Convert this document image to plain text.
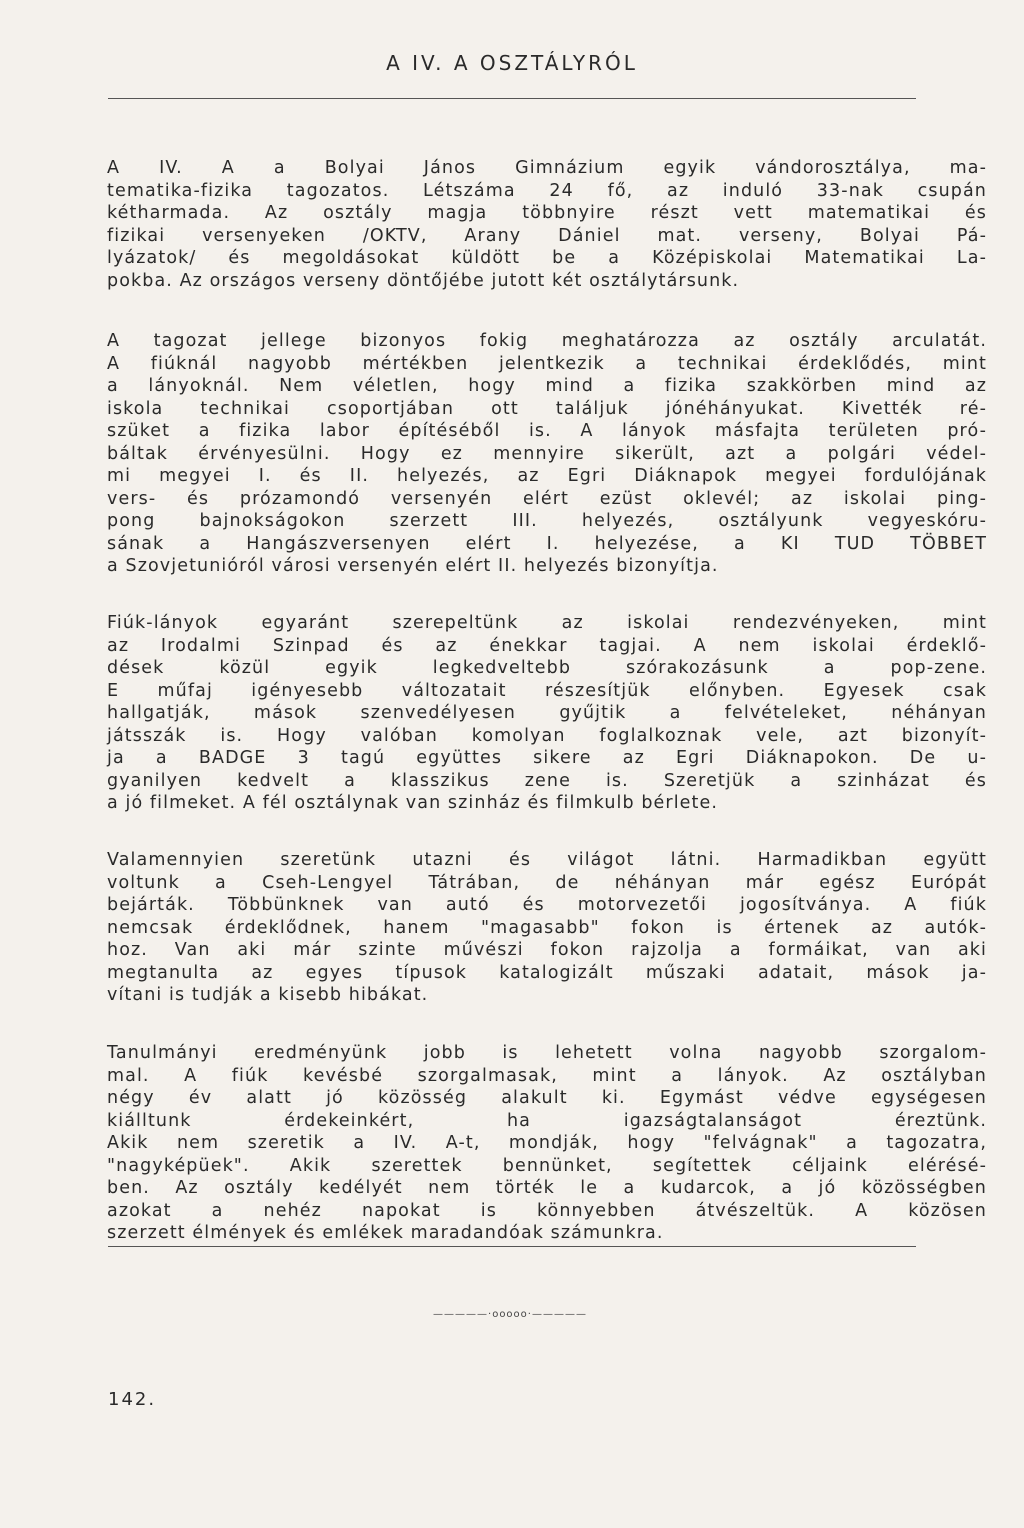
A IV. A OSZTÁLYRÓL

A IV. A a Bolyai János Gimnázium egyik vándorosztálya, ma-
tematika-fizika tagozatos. Létszáma 24 fő, az induló 33-nak csupán
kétharmada. Az osztály magja többnyire részt vett matematikai és
fizikai versenyeken /OKTV, Arany Dániel mat. verseny, Bolyai Pá-
lyázatok/ és megoldásokat küldött be a Középiskolai Matematikai La-
pokba. Az országos verseny döntőjébe jutott két osztálytársunk.

A tagozat jellege bizonyos fokig meghatározza az osztály arculatát.
A fiúknál nagyobb mértékben jelentkezik a technikai érdeklődés, mint
a lányoknál. Nem véletlen, hogy mind a fizika szakkörben mind az
iskola technikai csoportjában ott találjuk jónéhányukat. Kivették ré-
szüket a fizika labor építéséből is. A lányok másfajta területen pró-
báltak érvényesülni. Hogy ez mennyire sikerült, azt a polgári védel-
mi megyei I. és II. helyezés, az Egri Diáknapok megyei fordulójának
vers- és prózamondó versenyén elért ezüst oklevél; az iskolai ping-
pong bajnokságokon szerzett III. helyezés, osztályunk vegyeskóru-
sának a Hangászversenyen elért I. helyezése, a KI TUD TÖBBET
a Szovjetunióról városi versenyén elért II. helyezés bizonyítja.

Fiúk-lányok egyaránt szerepeltünk az iskolai rendezvényeken, mint
az Irodalmi Szinpad és az énekkar tagjai. A nem iskolai érdeklő-
dések közül egyik legkedveltebb szórakozásunk a pop-zene.
E műfaj igényesebb változatait részesítjük előnyben. Egyesek csak
hallgatják, mások szenvedélyesen gyűjtik a felvételeket, néhányan
játsszák is. Hogy valóban komolyan foglalkoznak vele, azt bizonyít-
ja a BADGE 3 tagú együttes sikere az Egri Diáknapokon. De u-
gyanilyen kedvelt a klasszikus zene is. Szeretjük a szinházat és
a jó filmeket. A fél osztálynak van szinház és filmkulb bérlete.

Valamennyien szeretünk utazni és világot látni. Harmadikban együtt
voltunk a Cseh-Lengyel Tátrában, de néhányan már egész Európát
bejárták. Többünknek van autó és motorvezetői jogosítványa. A fiúk
nemcsak érdeklődnek, hanem "magasabb" fokon is értenek az autók-
hoz. Van aki már szinte művészi fokon rajzolja a formáikat, van aki
megtanulta az egyes típusok katalogizált műszaki adatait, mások ja-
vítani is tudják a kisebb hibákat.

Tanulmányi eredményünk jobb is lehetett volna nagyobb szorgalom-
mal. A fiúk kevésbé szorgalmasak, mint a lányok. Az osztályban
négy év alatt jó közösség alakult ki. Egymást védve egységesen
kiálltunk érdekeinkért, ha igazságtalanságot éreztünk.
Akik nem szeretik a IV. A-t, mondják, hogy "felvágnak" a tagozatra,
"nagyképüek". Akik szerettek bennünket, segítettek céljaink elérésé-
ben. Az osztály kedélyét nem törték le a kudarcok, a jó közösségben
azokat a nehéz napokat is könnyebben átvészeltük. A közösen
szerzett élmények és emlékek maradandóak számunkra.

—————·ooooo·—————
142.
